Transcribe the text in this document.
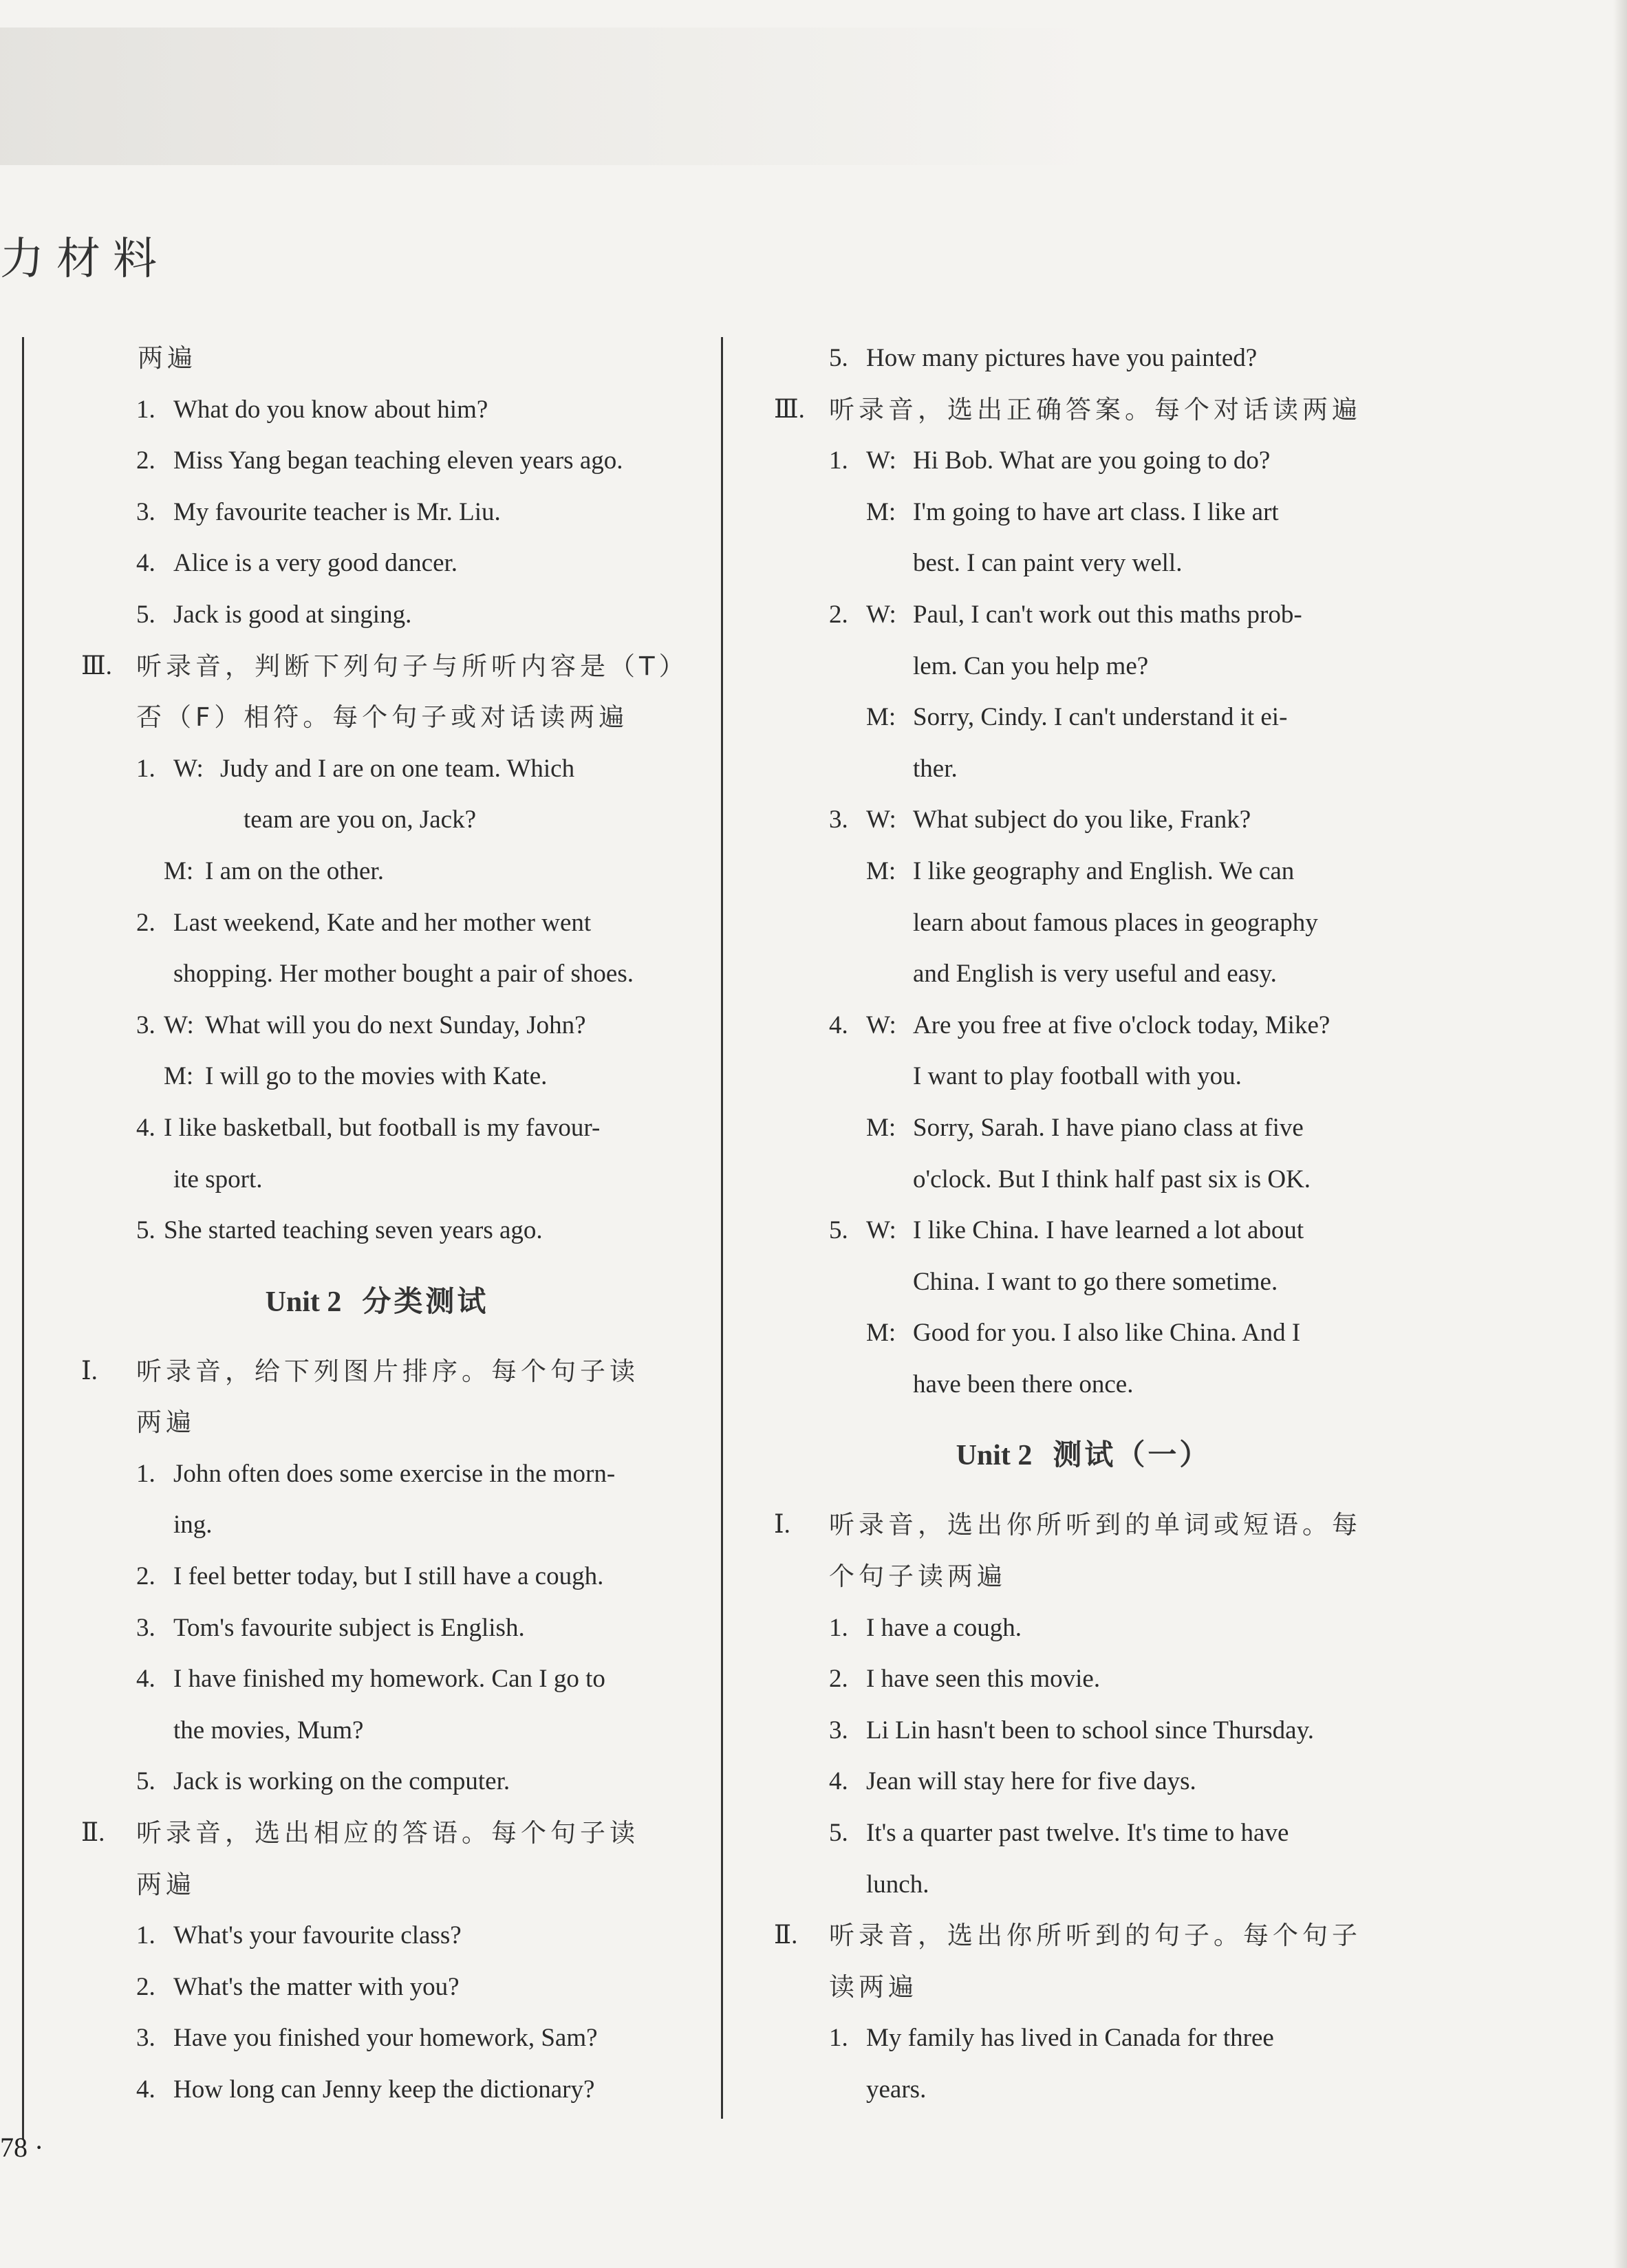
力材料
两遍
1. What do you know about him?
2. Miss Yang began teaching eleven years ago.
3. My favourite teacher is Mr. Liu.
4. Alice is a very good dancer.
5. Jack is good at singing.
Ⅲ. 听录音，判断下列句子与所听内容是（T）
否（F）相符。每个句子或对话读两遍
1. W: Judy and I are on one team. Which
team are you on, Jack?
M: I am on the other.
2. Last weekend, Kate and her mother went
shopping. Her mother bought a pair of shoes.
3. W: What will you do next Sunday, John?
M: I will go to the movies with Kate.
4. I like basketball, but football is my favour-
ite sport.
5. She started teaching seven years ago.
Unit 2 分类测试
Ⅰ. 听录音，给下列图片排序。每个句子读
两遍
1. John often does some exercise in the morn-
ing.
2. I feel better today, but I still have a cough.
3. Tom's favourite subject is English.
4. I have finished my homework. Can I go to
the movies, Mum?
5. Jack is working on the computer.
Ⅱ. 听录音，选出相应的答语。每个句子读
两遍
1. What's your favourite class?
2. What's the matter with you?
3. Have you finished your homework, Sam?
4. How long can Jenny keep the dictionary?
5. How many pictures have you painted?
Ⅲ. 听录音，选出正确答案。每个对话读两遍
1. W: Hi Bob. What are you going to do?
M: I'm going to have art class. I like art
best. I can paint very well.
2. W: Paul, I can't work out this maths prob-
lem. Can you help me?
M: Sorry, Cindy. I can't understand it ei-
ther.
3. W: What subject do you like, Frank?
M: I like geography and English. We can
learn about famous places in geography
and English is very useful and easy.
4. W: Are you free at five o'clock today, Mike?
I want to play football with you.
M: Sorry, Sarah. I have piano class at five
o'clock. But I think half past six is OK.
5. W: I like China. I have learned a lot about
China. I want to go there sometime.
M: Good for you. I also like China. And I
have been there once.
Unit 2 测试（一）
Ⅰ. 听录音，选出你所听到的单词或短语。每
个句子读两遍
1. I have a cough.
2. I have seen this movie.
3. Li Lin hasn't been to school since Thursday.
4. Jean will stay here for five days.
5. It's a quarter past twelve. It's time to have
lunch.
Ⅱ. 听录音，选出你所听到的句子。每个句子
读两遍
1. My family has lived in Canada for three
years.
78 ·
